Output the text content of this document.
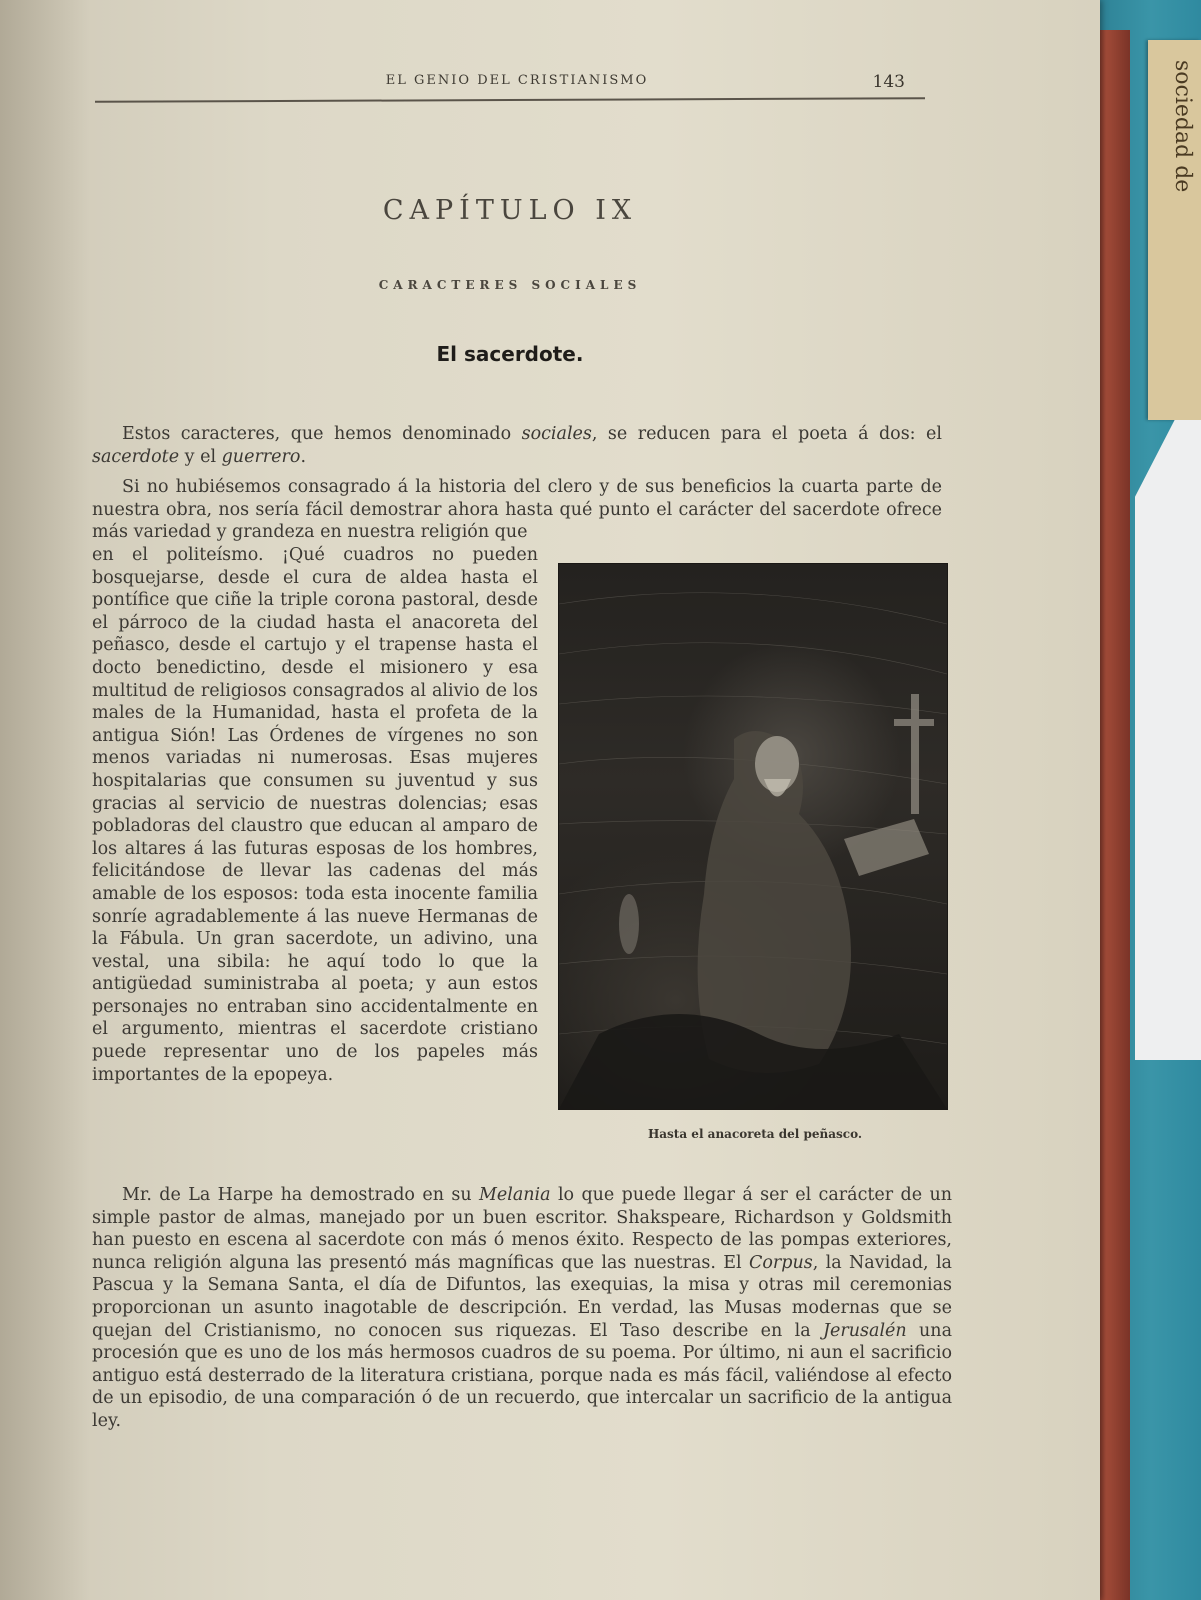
sociedad de
EL GENIO DEL CRISTIANISMO	143
CAPÍTULO IX
CARACTERES SOCIALES
El sacerdote.

Estos caracteres, que hemos denominado sociales, se reducen para el poeta á dos: el sacerdote y el guerrero.

Si no hubiésemos consagrado á la historia del clero y de sus beneficios la cuarta parte de nuestra obra, nos sería fácil demostrar ahora hasta qué punto el carácter del sacerdote ofrece más variedad y grandeza en nuestra religión que

en el politeísmo. ¡Qué cuadros no pueden bosquejarse, desde el cura de aldea hasta el pontífice que ciñe la triple corona pastoral, desde el párroco de la ciudad hasta el anacoreta del peñasco, desde el cartujo y el trapense hasta el docto benedictino, desde el misionero y esa multitud de religiosos consagrados al alivio de los males de la Humanidad, hasta el profeta de la antigua Sión! Las Órdenes de vírgenes no son menos variadas ni numerosas. Esas mujeres hospitalarias que consumen su juventud y sus gracias al servicio de nuestras dolencias; esas pobladoras del claustro que educan al amparo de los altares á las futuras esposas de los hombres, felicitándose de llevar las cadenas del más amable de los esposos: toda esta inocente familia sonríe agradablemente á las nueve Hermanas de la Fábula. Un gran sacerdote, un adivino, una vestal, una sibila: he aquí todo lo que la antigüedad suministraba al poeta; y aun estos personajes no entraban sino accidentalmente en el argumento, mientras el sacerdote cristiano puede representar uno de los papeles más importantes de la epopeya.

Hasta el anacoreta del peñasco.

Mr. de La Harpe ha demostrado en su Melania lo que puede llegar á ser el carácter de un simple pastor de almas, manejado por un buen escritor. Shakspeare, Richardson y Goldsmith han puesto en escena al sacerdote con más ó menos éxito. Respecto de las pompas exteriores, nunca religión alguna las presentó más magníficas que las nuestras. El Corpus, la Navidad, la Pascua y la Semana Santa, el día de Difuntos, las exequias, la misa y otras mil ceremonias proporcionan un asunto inagotable de descripción. En verdad, las Musas modernas que se quejan del Cristianismo, no conocen sus riquezas. El Taso describe en la Jerusalén una procesión que es uno de los más hermosos cuadros de su poema. Por último, ni aun el sacrificio antiguo está desterrado de la literatura cristiana, porque nada es más fácil, valiéndose al efecto de un episodio, de una comparación ó de un recuerdo, que intercalar un sacrificio de la antigua ley.
